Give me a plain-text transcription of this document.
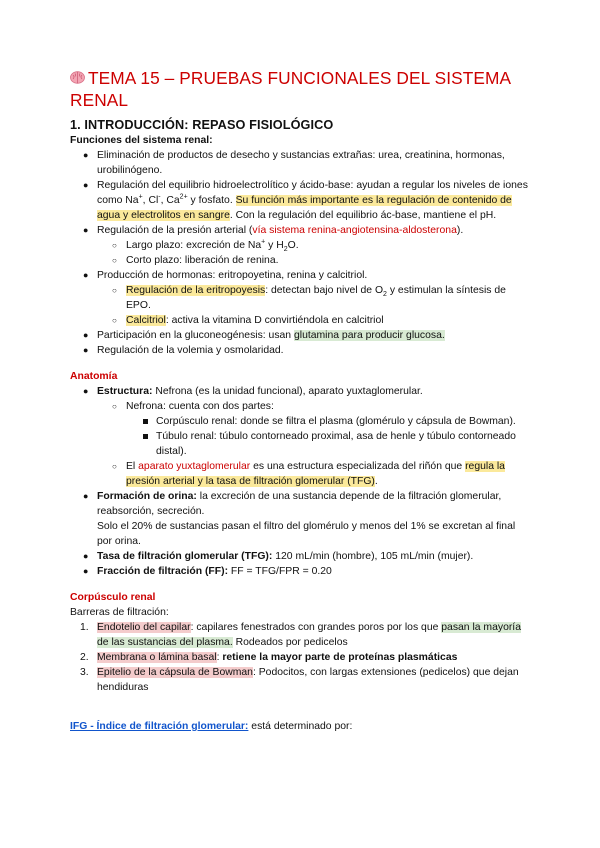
TEMA 15 – PRUEBAS FUNCIONALES DEL SISTEMA RENAL
1. INTRODUCCIÓN: REPASO FISIOLÓGICO
Funciones del sistema renal:
● Eliminación de productos de desecho y sustancias extrañas: urea, creatinina, hormonas, urobilinógeno.
● Regulación del equilibrio hidroelectrolítico y ácido-base: ayudan a regular los niveles de iones como Na+, Cl-, $Ca^{2+}$ y fosfato. Su función más importante es la regulación de contenido de agua y electrolitos en sangre. Con la regulación del equilibrio ác-base, mantiene el pH.
● Regulación de la presión arterial (vía sistema renina-angiotensina-aldosterona).
○ Largo plazo: excreción de Na+ y $H_2O$.
○ Corto plazo: liberación de renina.
● Producción de hormonas: eritropoyetina, renina y calcitriol.
○ Regulación de la eritropoyesis: detectan bajo nivel de $O_2$ y estimulan la síntesis de EPO.
○ Calcitriol: activa la vitamina D convirtiéndola en calcitriol
● Participación en la gluconeogénesis: usan glutamina para producir glucosa.
● Regulación de la volemia y osmolaridad.
Anatomía
● Estructura: Nefrona (es la unidad funcional), aparato yuxtaglomerular.
○ Nefrona: cuenta con dos partes:
Corpúsculo renal: donde se filtra el plasma (glomérulo y cápsula de Bowman).
Túbulo renal: túbulo contorneado proximal, asa de henle y túbulo contorneado distal).
○ El aparato yuxtaglomerular es una estructura especializada del riñón que regula la presión arterial y la tasa de filtración glomerular (TFG).
● Formación de orina: la excreción de una sustancia depende de la filtración glomerular, reabsorción, secreción.
Solo el 20% de sustancias pasan el filtro del glomérulo y menos del 1% se excretan al final por orina.
● Tasa de filtración glomerular (TFG): 120 mL/min (hombre), 105 mL/min (mujer).
● Fracción de filtración (FF): FF = TFG/FPR = 0.20
Corpúsculo renal
Barreras de filtración:
1. Endotelio del capilar: capilares fenestrados con grandes poros por los que pasan la mayoría de las sustancias del plasma. Rodeados por pedicelos
2. Membrana o lámina basal: retiene la mayor parte de proteínas plasmáticas
3. Epitelio de la cápsula de Bowman: Podocitos, con largas extensiones (pedicelos) que dejan hendiduras
IFG - Índice de filtración glomerular: está determinado por:
